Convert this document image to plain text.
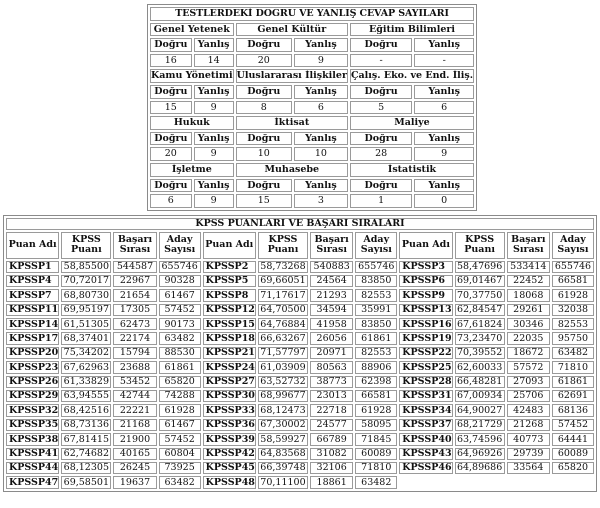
TESTLERDEKİ DOĞRU VE YANLIŞ CEVAP SAYILARI					
Genel Yetenek		Genel Kültür		Eğitim Bilimleri	
Doğru	Yanlış	Doğru	Yanlış	Doğru	Yanlış
16	14	20	9	-	-
Kamu Yönetimi		Uluslararası İlişkiler		Çalış. Eko. ve End. İliş.	
Doğru	Yanlış	Doğru	Yanlış	Doğru	Yanlış
15	9	8	6	5	6
Hukuk		İktisat		Maliye	
Doğru	Yanlış	Doğru	Yanlış	Doğru	Yanlış
20	9	10	10	28	9
İşletme		Muhasebe		İstatistik	
Doğru	Yanlış	Doğru	Yanlış	Doğru	Yanlış
6	9	15	3	1	0
KPSS PUANLARI VE BAŞARI SIRALARI											
Puan Adı	KPSS Puanı	Başarı Sırası	Aday Sayısı	Puan Adı	KPSS Puanı	Başarı Sırası	Aday Sayısı	Puan Adı	KPSS Puanı	Başarı Sırası	Aday Sayısı
KPSSP1	58,85500	544587	655746	KPSSP2	58,73268	540883	655746	KPSSP3	58,47696	533414	655746
KPSSP4	70,72017	22967	90328	KPSSP5	69,66051	24564	83850	KPSSP6	69,01467	22452	66581
KPSSP7	68,80730	21654	61467	KPSSP8	71,17617	21293	82553	KPSSP9	70,37750	18068	61928
KPSSP11	69,95197	17305	57452	KPSSP12	64,70500	34594	35991	KPSSP13	62,84547	29261	32038
KPSSP14	61,51305	62473	90173	KPSSP15	64,76884	41958	83850	KPSSP16	67,61824	30346	82553
KPSSP17	68,37401	22174	63482	KPSSP18	66,63267	26056	61861	KPSSP19	73,23470	22035	95750
KPSSP20	75,34202	15794	88530	KPSSP21	71,57797	20971	82553	KPSSP22	70,39552	18672	63482
KPSSP23	67,62963	23688	61861	KPSSP24	61,03909	80563	88906	KPSSP25	62,60033	57572	71810
KPSSP26	61,33829	53452	65820	KPSSP27	63,52732	38773	62398	KPSSP28	66,48281	27093	61861
KPSSP29	63,94555	42744	74288	KPSSP30	68,99677	23013	66581	KPSSP31	67,00934	25706	62691
KPSSP32	68,42516	22221	61928	KPSSP33	68,12473	22718	61928	KPSSP34	64,90027	42483	68136
KPSSP35	68,73136	21168	61467	KPSSP36	67,30002	24577	58095	KPSSP37	68,21729	21268	57452
KPSSP38	67,81415	21900	57452	KPSSP39	58,59927	66789	71845	KPSSP40	63,74596	40773	64441
KPSSP41	62,74682	40165	60804	KPSSP42	64,83568	31082	60089	KPSSP43	64,96926	29739	60089
KPSSP44	68,12305	26245	73925	KPSSP45	66,39748	32106	71810	KPSSP46	64,89686	33564	65820
KPSSP47	69,58501	19637	63482	KPSSP48	70,11100	18861	63482				
